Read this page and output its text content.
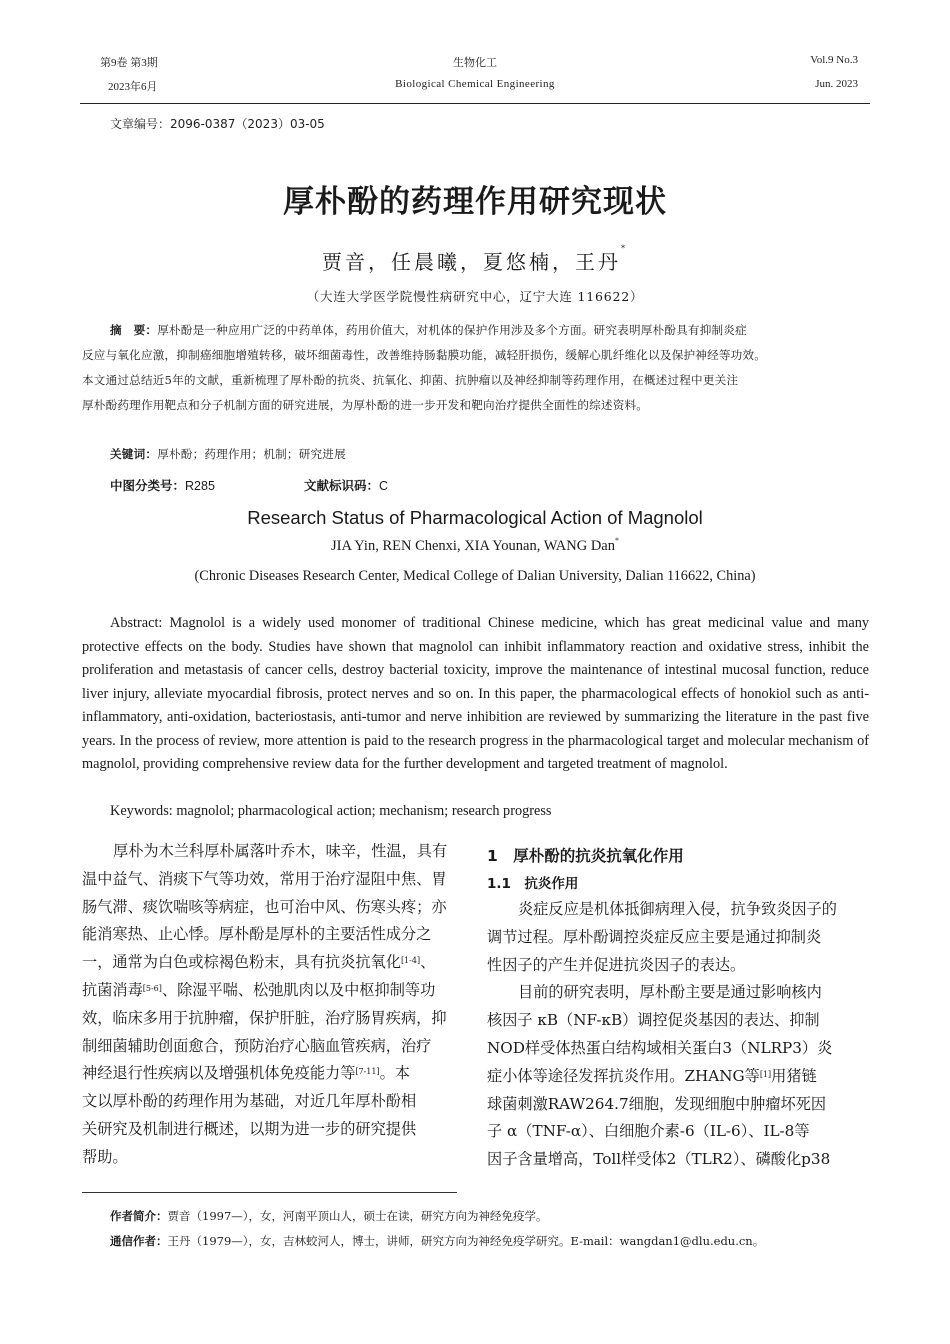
第9卷 第3期
2023年6月
生物化工
Biological Chemical Engineering
Vol.9 No.3
Jun. 2023
文章编号：2096-0387（2023）03-05
厚朴酚的药理作用研究现状
贾音，任晨曦，夏悠楠，王丹*
（大连大学医学院慢性病研究中心，辽宁大连 116622）
摘　要：厚朴酚是一种应用广泛的中药单体，药用价值大，对机体的保护作用涉及多个方面。研究表明厚朴酚具有抑制炎症
反应与氧化应激，抑制癌细胞增殖转移，破坏细菌毒性，改善维持肠黏膜功能，减轻肝损伤，缓解心肌纤维化以及保护神经等功效。
本文通过总结近5年的文献，重新梳理了厚朴酚的抗炎、抗氧化、抑菌、抗肿瘤以及神经抑制等药理作用，在概述过程中更关注
厚朴酚药理作用靶点和分子机制方面的研究进展，为厚朴酚的进一步开发和靶向治疗提供全面性的综述资料。
关键词：厚朴酚；药理作用；机制；研究进展
中图分类号：R285	文献标识码：C
Research Status of Pharmacological Action of Magnolol
JIA Yin, REN Chenxi, XIA Younan, WANG Dan*
(Chronic Diseases Research Center, Medical College of Dalian University, Dalian 116622, China)
Abstract: Magnolol is a widely used monomer of traditional Chinese medicine, which has great medicinal value and many protective effects on the body. Studies have shown that magnolol can inhibit inflammatory reaction and oxidative stress, inhibit the proliferation and metastasis of cancer cells, destroy bacterial toxicity, improve the maintenance of intestinal mucosal function, reduce liver injury, alleviate myocardial fibrosis, protect nerves and so on. In this paper, the pharmacological effects of honokiol such as anti-inflammatory, anti-oxidation, bacteriostasis, anti-tumor and nerve inhibition are reviewed by summarizing the literature in the past five years. In the process of review, more attention is paid to the research progress in the pharmacological target and molecular mechanism of magnolol, providing comprehensive review data for the further development and targeted treatment of magnolol.
Keywords: magnolol; pharmacological action; mechanism; research progress
厚朴为木兰科厚朴属落叶乔木，味辛，性温，具有
温中益气、消痰下气等功效，常用于治疗湿阻中焦、胃
肠气滞、痰饮喘咳等病症，也可治中风、伤寒头疼；亦
能消寒热、止心悸。厚朴酚是厚朴的主要活性成分之
一，通常为白色或棕褐色粉末，具有抗炎抗氧化[1-4]、
抗菌消毒[5-6]、除湿平喘、松弛肌肉以及中枢抑制等功
效，临床多用于抗肿瘤，保护肝脏，治疗肠胃疾病，抑
制细菌辅助创面愈合，预防治疗心脑血管疾病，治疗
神经退行性疾病以及增强机体免疫能力等[7-11]。本
文以厚朴酚的药理作用为基础，对近几年厚朴酚相
关研究及机制进行概述，以期为进一步的研究提供
帮助。
1　厚朴酚的抗炎抗氧化作用
1.1　抗炎作用
炎症反应是机体抵御病理入侵，抗争致炎因子的
调节过程。厚朴酚调控炎症反应主要是通过抑制炎
性因子的产生并促进抗炎因子的表达。
目前的研究表明，厚朴酚主要是通过影响核内
核因子 κB（NF-κB）调控促炎基因的表达、抑制
NOD样受体热蛋白结构域相关蛋白3（NLRP3）炎
症小体等途径发挥抗炎作用。ZHANG等[1]用猪链
球菌刺激RAW264.7细胞，发现细胞中肿瘤坏死因
子 α（TNF-α）、白细胞介素-6（IL-6）、IL-8等
因子含量增高，Toll样受体2（TLR2）、磷酸化p38
作者简介：贾音（1997—），女，河南平顶山人，硕士在读，研究方向为神经免疫学。
通信作者：王丹（1979—），女，吉林蛟河人，博士，讲师，研究方向为神经免疫学研究。E-mail：wangdan1@dlu.edu.cn。
